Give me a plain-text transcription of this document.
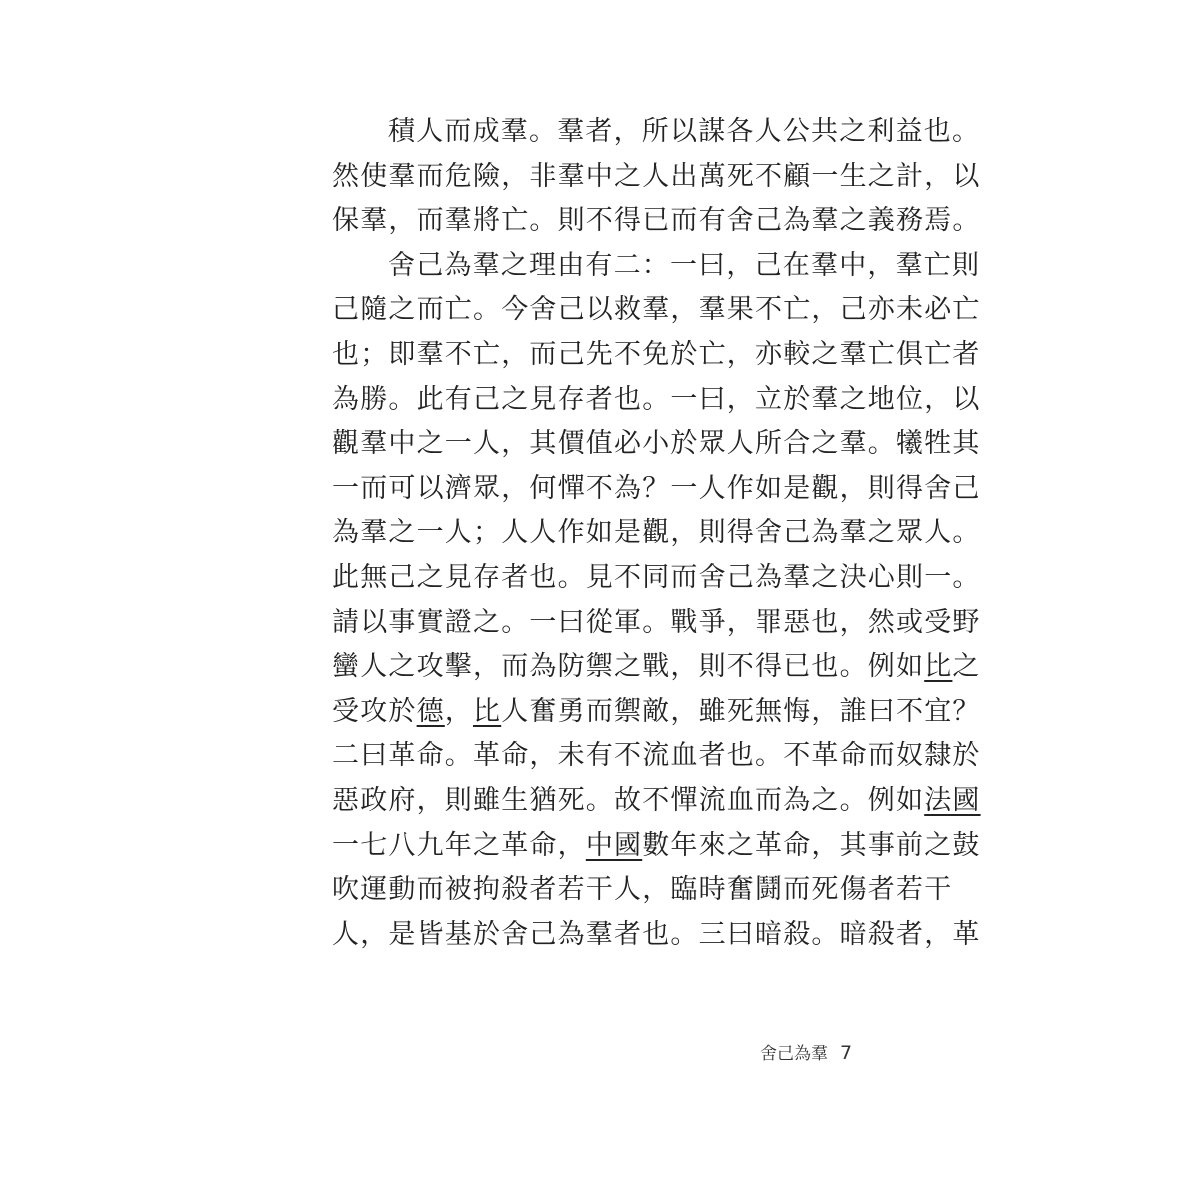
積人而成羣。羣者，所以謀各人公共之利益也。
然使羣而危險，非羣中之人出萬死不顧一生之計，以
保羣，而羣將亡。則不得已而有舍己為羣之義務焉。
舍己為羣之理由有二：一曰，己在羣中，羣亡則
己隨之而亡。今舍己以救羣，羣果不亡，己亦未必亡
也；即羣不亡，而己先不免於亡，亦較之羣亡俱亡者
為勝。此有己之見存者也。一曰，立於羣之地位，以
觀羣中之一人，其價值必小於眾人所合之羣。犧牲其
一而可以濟眾，何憚不為？一人作如是觀，則得舍己
為羣之一人；人人作如是觀，則得舍己為羣之眾人。
此無己之見存者也。見不同而舍己為羣之決心則一。
請以事實證之。一曰從軍。戰爭，罪惡也，然或受野
蠻人之攻擊，而為防禦之戰，則不得已也。例如比之
受攻於德，比人奮勇而禦敵，雖死無悔，誰曰不宜？
二曰革命。革命，未有不流血者也。不革命而奴隸於
惡政府，則雖生猶死。故不憚流血而為之。例如法國
一七八九年之革命，中國數年來之革命，其事前之鼓
吹運動而被拘殺者若干人，臨時奮鬪而死傷者若干
人，是皆基於舍己為羣者也。三曰暗殺。暗殺者，革
舍己為羣 7
